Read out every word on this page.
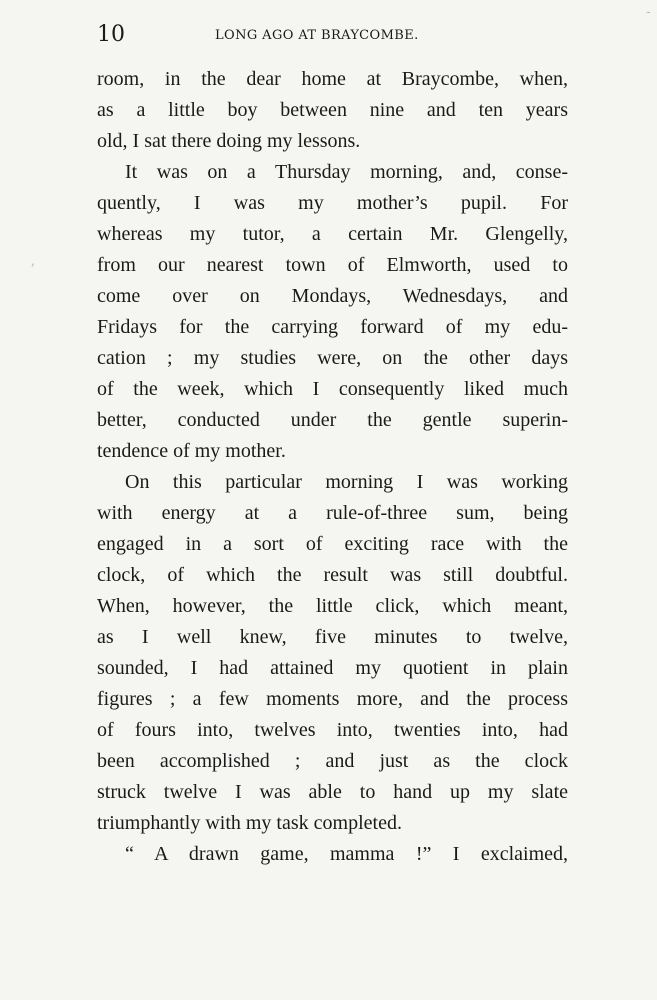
10	LONG AGO AT BRAYCOMBE.
room, in the dear home at Braycombe, when,
as a little boy between nine and ten years
old, I sat there doing my lessons.
It was on a Thursday morning, and, conse-
quently, I was my mother’s pupil. For
whereas my tutor, a certain Mr. Glengelly,
from our nearest town of Elmworth, used to
come over on Mondays, Wednesdays, and
Fridays for the carrying forward of my edu-
cation ; my studies were, on the other days
of the week, which I consequently liked much
better, conducted under the gentle superin-
tendence of my mother.
On this particular morning I was working
with energy at a rule-of-three sum, being
engaged in a sort of exciting race with the
clock, of which the result was still doubtful.
When, however, the little click, which meant,
as I well knew, five minutes to twelve,
sounded, I had attained my quotient in plain
figures ; a few moments more, and the process
of fours into, twelves into, twenties into, had
been accomplished ; and just as the clock
struck twelve I was able to hand up my slate
triumphantly with my task completed.
“ A drawn game, mamma !” I exclaimed,
ʼ
-
